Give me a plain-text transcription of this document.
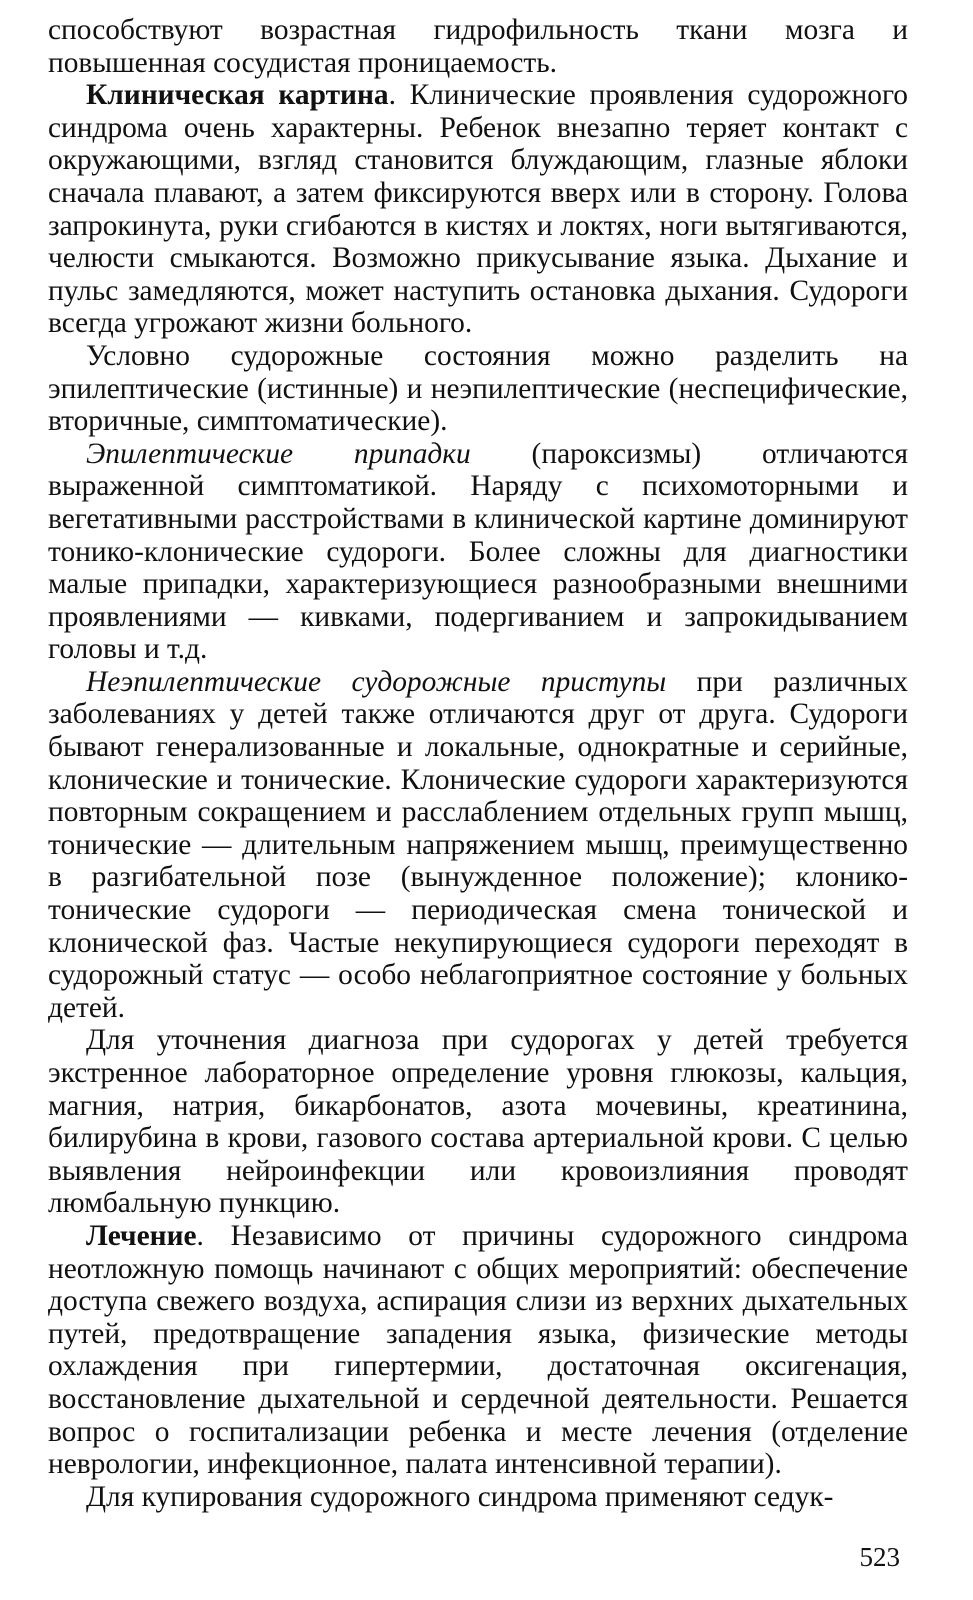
способствуют возрастная гидрофильность ткани мозга и повышенная сосудистая проницаемость.

Клиническая картина. Клинические проявления судорожного синдрома очень характерны. Ребенок внезапно теряет контакт с окружающими, взгляд становится блуждающим, глазные яблоки сначала плавают, а затем фиксируются вверх или в сторону. Голова запрокинута, руки сгибаются в кистях и локтях, ноги вытягиваются, челюсти смыкаются. Возможно прикусывание языка. Дыхание и пульс замедляются, может наступить остановка дыхания. Судороги всегда угрожают жизни больного.

Условно судорожные состояния можно разделить на эпилептические (истинные) и неэпилептические (неспецифические, вторичные, симптоматические).

Эпилептические припадки (пароксизмы) отличаются выраженной симптоматикой. Наряду с психомоторными и вегетативными расстройствами в клинической картине доминируют тонико-клонические судороги. Более сложны для диагностики малые припадки, характеризующиеся разнообразными внешними проявлениями — кивками, подергиванием и запрокидыванием головы и т.д.

Неэпилептические судорожные приступы при различных заболеваниях у детей также отличаются друг от друга. Судороги бывают генерализованные и локальные, однократные и серийные, клонические и тонические. Клонические судороги характеризуются повторным сокращением и расслаблением отдельных групп мышц, тонические — длительным напряжением мышц, преимущественно в разгибательной позе (вынужденное положение); клонико-тонические судороги — периодическая смена тонической и клонической фаз. Частые некупирующиеся судороги переходят в судорожный статус — особо неблагоприятное состояние у больных детей.

Для уточнения диагноза при судорогах у детей требуется экстренное лабораторное определение уровня глюкозы, кальция, магния, натрия, бикарбонатов, азота мочевины, креатинина, билирубина в крови, газового состава артериальной крови. С целью выявления нейроинфекции или кровоизлияния проводят люмбальную пункцию.

Лечение. Независимо от причины судорожного синдрома неотложную помощь начинают с общих мероприятий: обеспечение доступа свежего воздуха, аспирация слизи из верхних дыхательных путей, предотвращение западения языка, физические методы охлаждения при гипертермии, достаточная оксигенация, восстановление дыхательной и сердечной деятельности. Решается вопрос о госпитализации ребенка и месте лечения (отделение неврологии, инфекционное, палата интенсивной терапии).

Для купирования судорожного синдрома применяют седук-

523
